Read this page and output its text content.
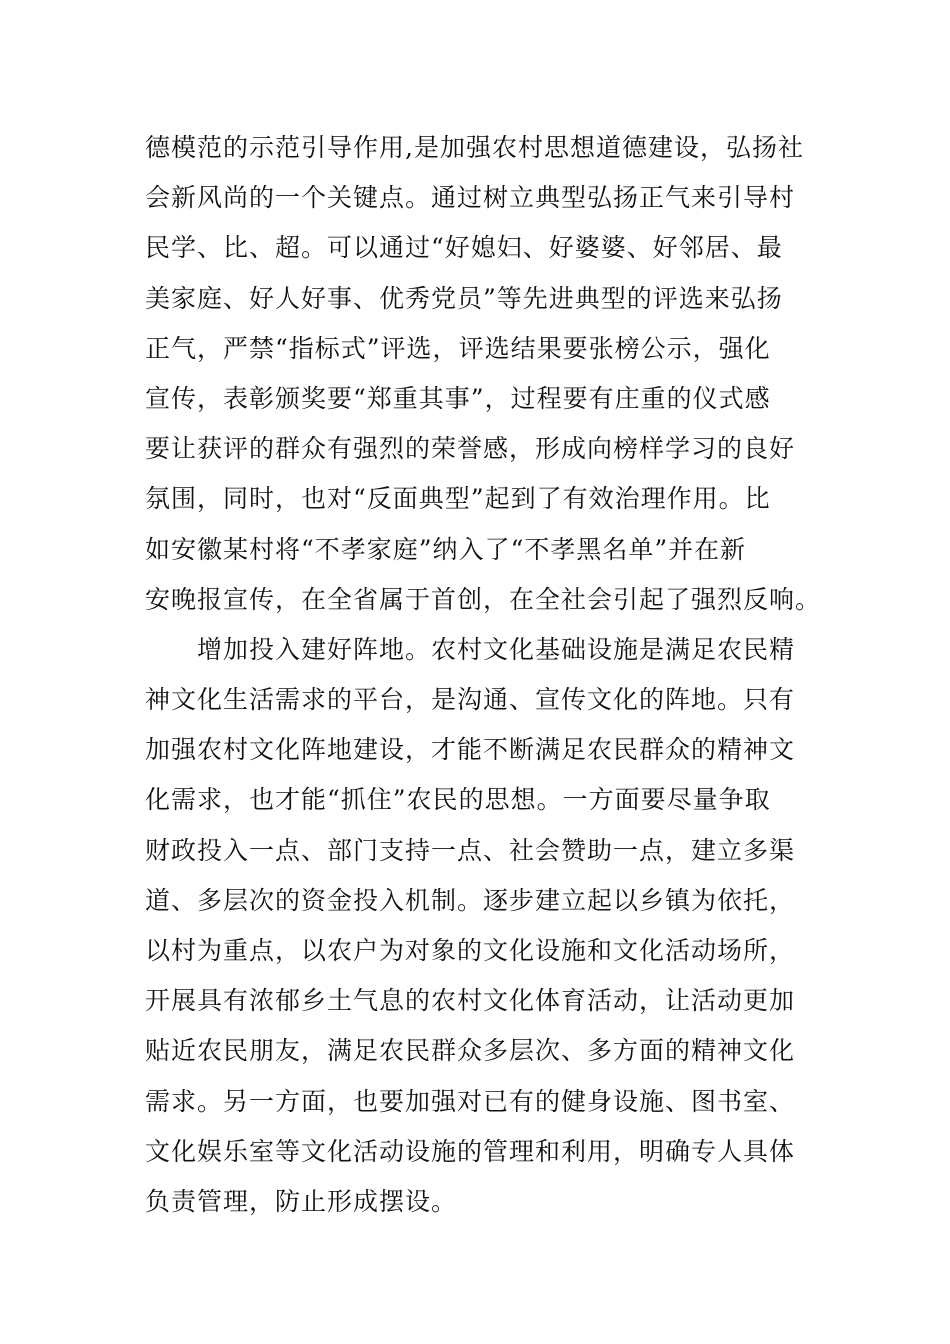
德模范的示范引导作用,是加强农村思想道德建设，弘扬社
会新风尚的一个关键点。通过树立典型弘扬正气来引导村
民学、比、超。可以通过“好媳妇、好婆婆、好邻居、最
美家庭、好人好事、优秀党员”等先进典型的评选来弘扬
正气，严禁“指标式”评选，评选结果要张榜公示，强化
宣传，表彰颁奖要“郑重其事”，过程要有庄重的仪式感
要让获评的群众有强烈的荣誉感，形成向榜样学习的良好
氛围，同时，也对“反面典型”起到了有效治理作用。比
如安徽某村将“不孝家庭”纳入了“不孝黑名单”并在新
安晚报宣传，在全省属于首创，在全社会引起了强烈反响。
　　增加投入建好阵地。农村文化基础设施是满足农民精
神文化生活需求的平台，是沟通、宣传文化的阵地。只有
加强农村文化阵地建设，才能不断满足农民群众的精神文
化需求，也才能“抓住”农民的思想。一方面要尽量争取
财政投入一点、部门支持一点、社会赞助一点，建立多渠
道、多层次的资金投入机制。逐步建立起以乡镇为依托，
以村为重点，以农户为对象的文化设施和文化活动场所，
开展具有浓郁乡土气息的农村文化体育活动，让活动更加
贴近农民朋友，满足农民群众多层次、多方面的精神文化
需求。另一方面，也要加强对已有的健身设施、图书室、
文化娱乐室等文化活动设施的管理和利用，明确专人具体
负责管理，防止形成摆设。
